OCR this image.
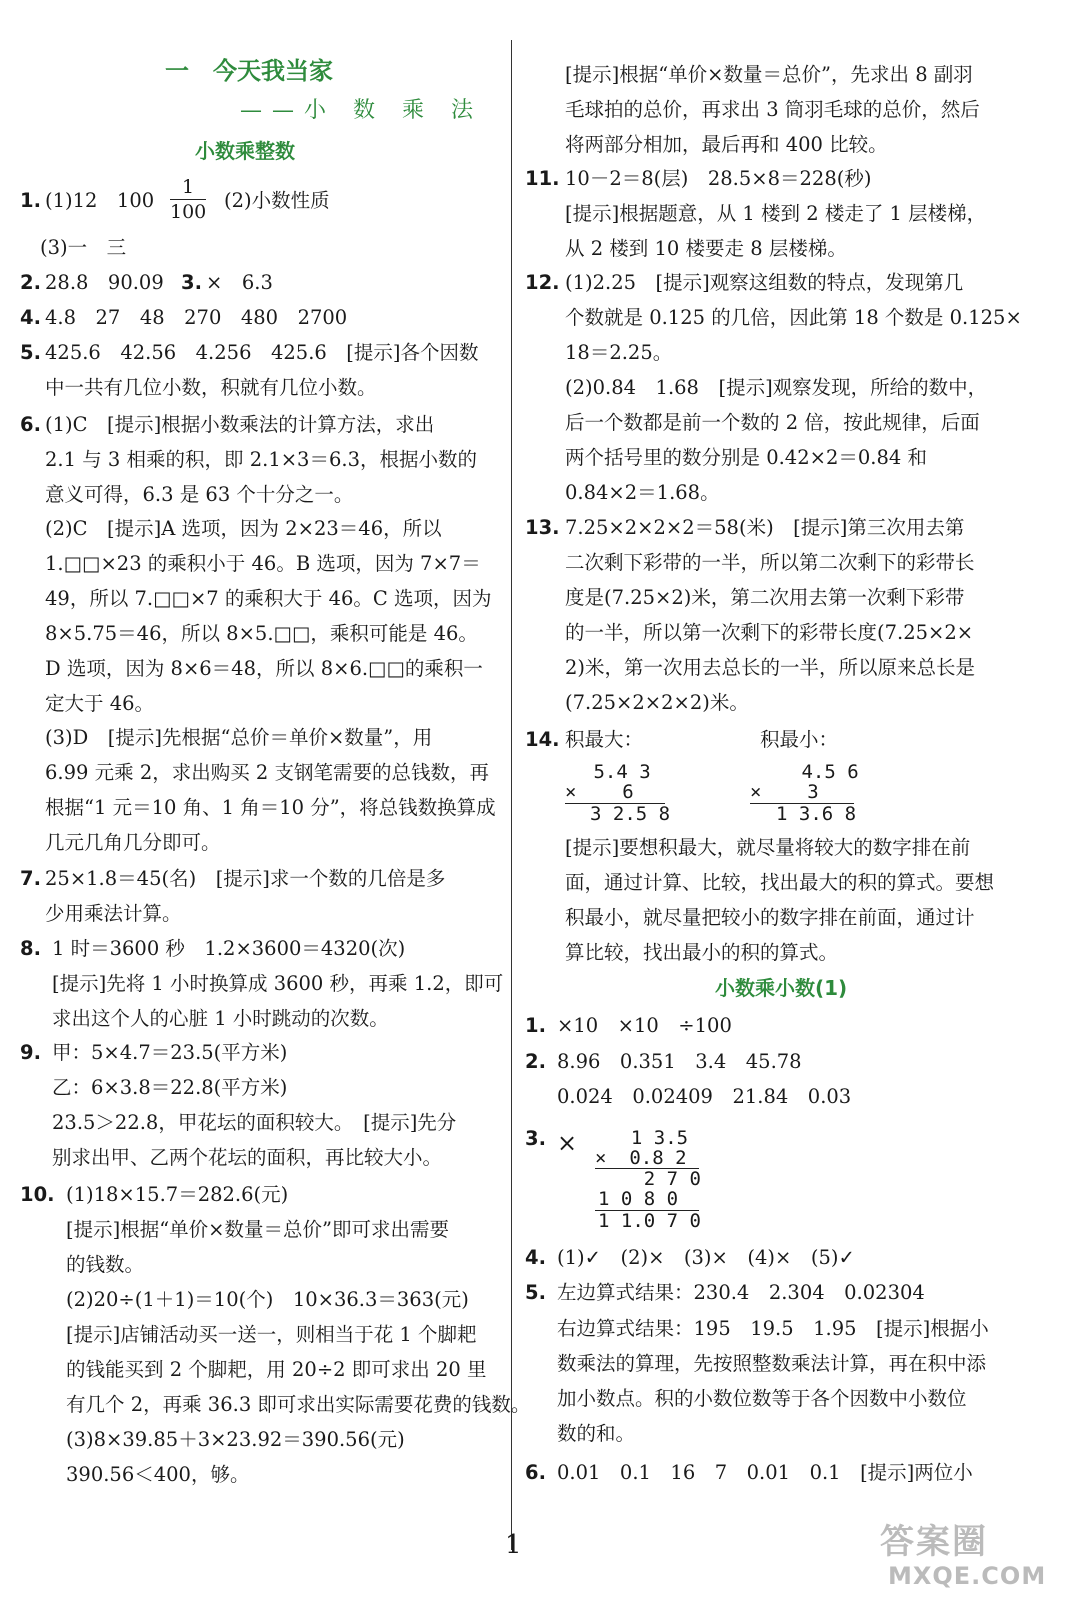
一　今天我当家
——小 数 乘 法
小数乘整数
1.
2.	3.
4.
5.
6.
7.
8.
9.
10.
(1)12　100
1
100 (2)小数性质
(3)一　三
28.8　90.09　 ×　6.3
4.8　27　48　270　480　2700
425.6　42.56　4.256　425.6　[提示]各个因数
中一共有几位小数，积就有几位小数。
(1)C　[提示]根据小数乘法的计算方法，求出
2.1 与 3 相乘的积，即 2.1×3＝6.3，根据小数的
意义可得，6.3 是 63 个十分之一。
(2)C　[提示]A 选项，因为 2×23＝46，所以
1.□□×23 的乘积小于 46。B 选项，因为 7×7＝
49，所以 7.□□×7 的乘积大于 46。C 选项，因为
8×5.75＝46，所以 8×5.□□，乘积可能是 46。
D 选项，因为 8×6＝48，所以 8×6.□□的乘积一
定大于 46。
(3)D　[提示]先根据“总价＝单价×数量”，用
6.99 元乘 2，求出购买 2 支钢笔需要的总钱数，再
根据“1 元＝10 角、1 角＝10 分”，将总钱数换算成
几元几角几分即可。
25×1.8＝45(名)　[提示]求一个数的几倍是多
少用乘法计算。
1 时＝3600 秒　1.2×3600＝4320(次)
[提示]先将 1 小时换算成 3600 秒，再乘 1.2，即可
求出这个人的心脏 1 小时跳动的次数。
甲：5×4.7＝23.5(平方米)
乙：6×3.8＝22.8(平方米)
23.5＞22.8，甲花坛的面积较大。　[提示]先分
别求出甲、乙两个花坛的面积，再比较大小。
(1)18×15.7＝282.6(元)
[提示]根据“单价×数量＝总价”即可求出需要
的钱数。
(2)20÷(1＋1)＝10(个)　10×36.3＝363(元)
[提示]店铺活动买一送一，则相当于花 1 个脚耙
的钱能买到 2 个脚耙，用 20÷2 即可求出 20 里
有几个 2，再乘 36.3 即可求出实际需要花费的钱数。
(3)8×39.85＋3×23.92＝390.56(元)
390.56＜400，够。
[提示]根据“单价×数量＝总价”，先求出 8 副羽
毛球拍的总价，再求出 3 筒羽毛球的总价，然后
将两部分相加，最后再和 400 比较。
11. 10－2＝8(层)　28.5×8＝228(秒)
[提示]根据题意，从 1 楼到 2 楼走了 1 层楼梯，
从 2 楼到 10 楼要走 8 层楼梯。
12. (1)2.25　[提示]观察这组数的特点，发现第几
个数就是 0.125 的几倍，因此第 18 个数是 0.125×
18＝2.25。
(2)0.84　1.68　[提示]观察发现，所给的数中，
后一个数都是前一个数的 2 倍，按此规律，后面
两个括号里的数分别是 0.42×2＝0.84 和
0.84×2＝1.68。
13. 7.25×2×2×2＝58(米)　[提示]第三次用去第
二次剩下彩带的一半，所以第二次剩下的彩带长
度是(7.25×2)米，第二次用去第一次剩下彩带
的一半，所以第一次剩下的彩带长度(7.25×2×
2)米，第一次用去总长的一半，所以原来总长是
(7.25×2×2×2)米。
14. 积最大：	积最小：
5.4 3
×    6
3 2.5 8
4.5 6
×    3
1 3.6 8
[提示]要想积最大，就尽量将较大的数字排在前
面，通过计算、比较，找出最大的积的算式。要想
积最小，就尽量把较小的数字排在前面，通过计
算比较，找出最小的积的算式。
小数乘小数(1)
1. ×10　×10　÷100
2. 8.96　0.351　3.4　45.78
0.024　0.02409　21.84　0.03
3. × 1 3.5
×  0.8 2
2 7 0
1 0 8 0
1 1.0 7 0
4. (1)✓　(2)×　(3)×　(4)×　(5)✓
5. 左边算式结果：230.4　2.304　0.02304
右边算式结果：195　19.5　1.95　[提示]根据小
数乘法的算理，先按照整数乘法计算，再在积中添
加小数点。积的小数位数等于各个因数中小数位
数的和。
6. 0.01　0.1　16　7　0.01　0.1　[提示]两位小
1	答案圈
MXQE.COM
